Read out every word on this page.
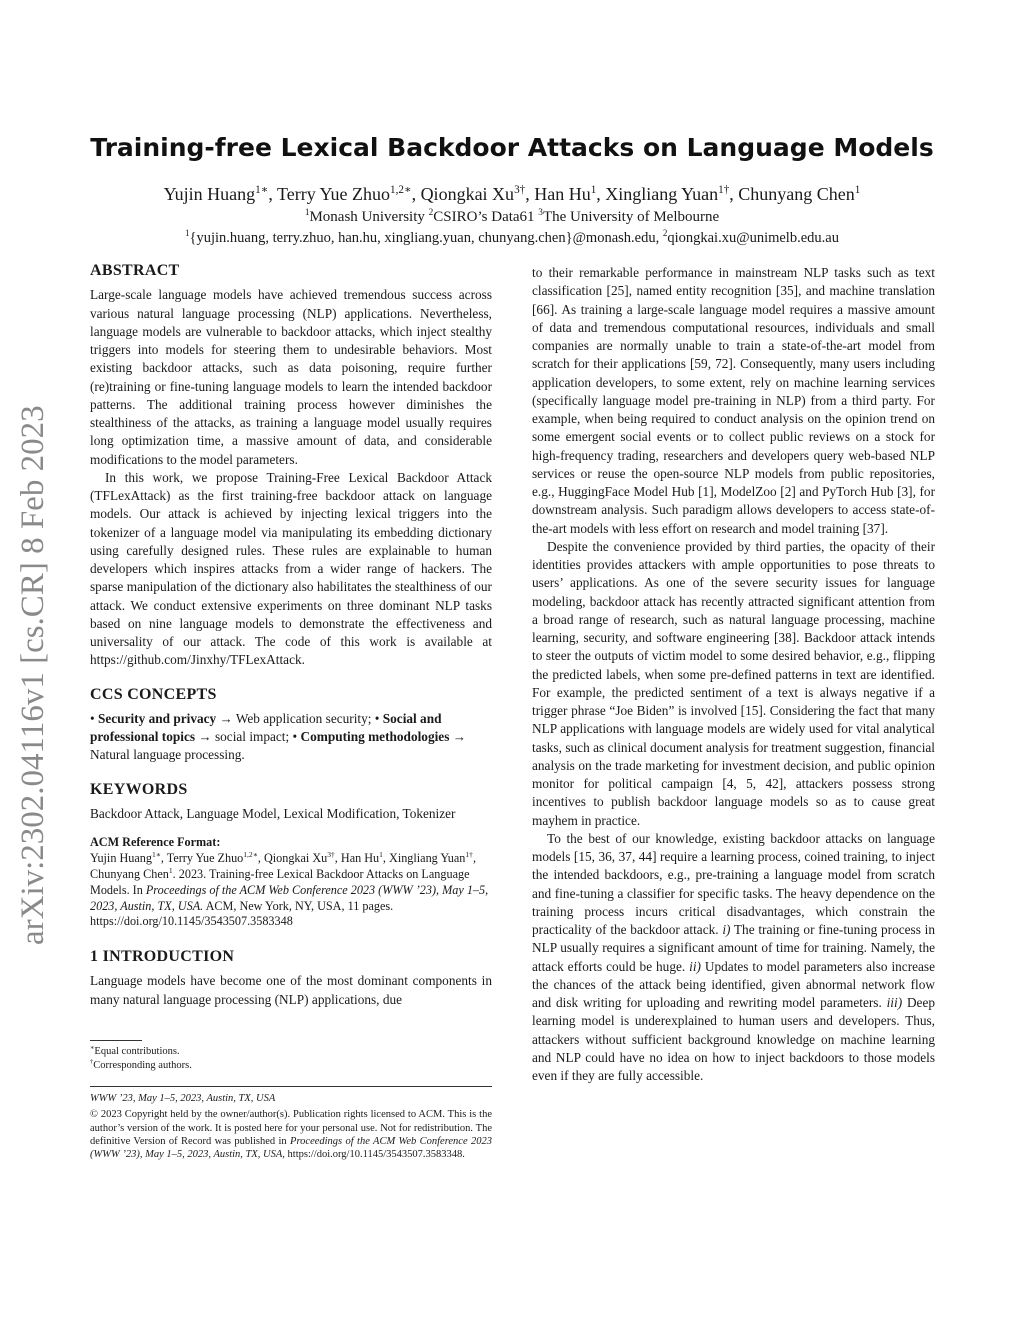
arXiv:2302.04116v1 [cs.CR] 8 Feb 2023
Training-free Lexical Backdoor Attacks on Language Models
Yujin Huang$^{1∗}$, Terry Yue Zhuo$^{1,2∗}$, Qiongkai $Xu^{3\dagger}$, Han Hu$^1$, Xingliang Yuan$^{1\dagger}$, Chunyang Chen$^1$
$^1$Monash University $^2$CSIRO’s Data61 $^3$The University of Melbourne
$^1${yujin.huang, terry.zhuo, han.hu, xingliang.yuan, chunyang.chen}@monash.edu, $^2$qiongkai.xu@unimelb.edu.au
ABSTRACT

Large-scale language models have achieved tremendous success across various natural language processing (NLP) applications. Nevertheless, language models are vulnerable to backdoor attacks, which inject stealthy triggers into models for steering them to undesirable behaviors. Most existing backdoor attacks, such as data poisoning, require further (re)training or fine-tuning language models to learn the intended backdoor patterns. The additional training process however diminishes the stealthiness of the attacks, as training a language model usually requires long optimization time, a massive amount of data, and considerable modifications to the model parameters.

In this work, we propose Training-Free Lexical Backdoor Attack (TFLexAttack) as the first training-free backdoor attack on language models. Our attack is achieved by injecting lexical triggers into the tokenizer of a language model via manipulating its embedding dictionary using carefully designed rules. These rules are explainable to human developers which inspires attacks from a wider range of hackers. The sparse manipulation of the dictionary also habilitates the stealthiness of our attack. We conduct extensive experiments on three dominant NLP tasks based on nine language models to demonstrate the effectiveness and universality of our attack. The code of this work is available at https://github.com/Jinxhy/TFLexAttack.

CCS CONCEPTS

• Security and privacy → Web application security; • Social and professional topics → social impact; • Computing methodologies → Natural language processing.

KEYWORDS

Backdoor Attack, Language Model, Lexical Modification, Tokenizer

ACM Reference Format:

Yujin Huang$^{1∗}$, Terry Yue Zhuo$^{1,2∗}$, Qiongkai $Xu^{3\dagger}$, Han Hu$^1$, Xingliang Yuan$^{1\dagger}$, Chunyang Chen$^1$. 2023. Training-free Lexical Backdoor Attacks on Language Models. In Proceedings of the ACM Web Conference 2023 (WWW ’23), May 1–5, 2023, Austin, TX, USA. ACM, New York, NY, USA, 11 pages. https://doi.org/10.1145/3543507.3583348

1 INTRODUCTION

Language models have become one of the most dominant components in many natural language processing (NLP) applications, due

∗Equal contributions.
†Corresponding authors.
WWW ’23, May 1–5, 2023, Austin, TX, USA
© 2023 Copyright held by the owner/author(s). Publication rights licensed to ACM. This is the author’s version of the work. It is posted here for your personal use. Not for redistribution. The definitive Version of Record was published in Proceedings of the ACM Web Conference 2023 (WWW ’23), May 1–5, 2023, Austin, TX, USA, https://doi.org/10.1145/3543507.3583348.

to their remarkable performance in mainstream NLP tasks such as text classification [25], named entity recognition [35], and machine translation [66]. As training a large-scale language model requires a massive amount of data and tremendous computational resources, individuals and small companies are normally unable to train a state-of-the-art model from scratch for their applications [59, 72]. Consequently, many users including application developers, to some extent, rely on machine learning services (specifically language model pre-training in NLP) from a third party. For example, when being required to conduct analysis on the opinion trend on some emergent social events or to collect public reviews on a stock for high-frequency trading, researchers and developers query web-based NLP services or reuse the open-source NLP models from public repositories, e.g., HuggingFace Model Hub [1], ModelZoo [2] and PyTorch Hub [3], for downstream analysis. Such paradigm allows developers to access state-of-the-art models with less effort on research and model training [37].

Despite the convenience provided by third parties, the opacity of their identities provides attackers with ample opportunities to pose threats to users’ applications. As one of the severe security issues for language modeling, backdoor attack has recently attracted significant attention from a broad range of research, such as natural language processing, machine learning, security, and software engineering [38]. Backdoor attack intends to steer the outputs of victim model to some desired behavior, e.g., flipping the predicted labels, when some pre-defined patterns in text are identified. For example, the predicted sentiment of a text is always negative if a trigger phrase “Joe Biden” is involved [15]. Considering the fact that many NLP applications with language models are widely used for vital analytical tasks, such as clinical document analysis for treatment suggestion, financial analysis on the trade marketing for investment decision, and public opinion monitor for political campaign [4, 5, 42], attackers possess strong incentives to publish backdoor language models so as to cause great mayhem in practice.

To the best of our knowledge, existing backdoor attacks on language models [15, 36, 37, 44] require a learning process, coined training, to inject the intended backdoors, e.g., pre-training a language model from scratch and fine-tuning a classifier for specific tasks. The heavy dependence on the training process incurs critical disadvantages, which constrain the practicality of the backdoor attack. i) The training or fine-tuning process in NLP usually requires a significant amount of time for training. Namely, the attack efforts could be huge. ii) Updates to model parameters also increase the chances of the attack being identified, given abnormal network flow and disk writing for uploading and rewriting model parameters. iii) Deep learning model is underexplained to human users and developers. Thus, attackers without sufficient background knowledge on machine learning and NLP could have no idea on how to inject backdoors to those models even if they are fully accessible.
